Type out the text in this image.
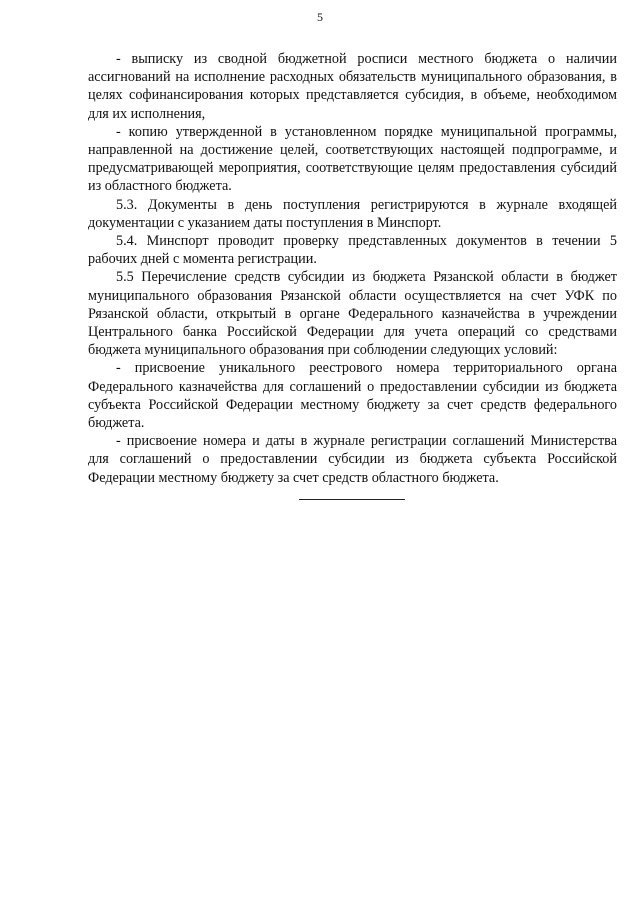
5

- выписку из сводной бюджетной росписи местного бюджета о наличии ассигнований на исполнение расходных обязательств муниципального образования, в целях софинансирования которых представляется субсидия, в объеме, необходимом для их исполнения,

- копию утвержденной в установленном порядке муниципальной программы, направленной на достижение целей, соответствующих настоящей подпрограмме, и предусматривающей мероприятия, соответствующие целям предоставления субсидий из областного бюджета.

5.3. Документы в день поступления регистрируются в журнале входящей документации с указанием даты поступления в Минспорт.

5.4. Минспорт проводит проверку представленных документов в течении 5 рабочих дней с момента регистрации.

5.5 Перечисление средств субсидии из бюджета Рязанской области в бюджет муниципального образования Рязанской области осуществляется на счет УФК по Рязанской области, открытый в органе Федерального казначейства в учреждении Центрального банка Российской Федерации для учета операций со средствами бюджета муниципального образования при соблюдении следующих условий:

- присвоение уникального реестрового номера территориального органа Федерального казначейства для соглашений о предоставлении субсидии из бюджета субъекта Российской Федерации местному бюджету за счет средств федерального бюджета.

- присвоение номера и даты в журнале регистрации соглашений Министерства для соглашений о предоставлении субсидии из бюджета субъекта Российской Федерации местному бюджету за счет средств областного бюджета.
